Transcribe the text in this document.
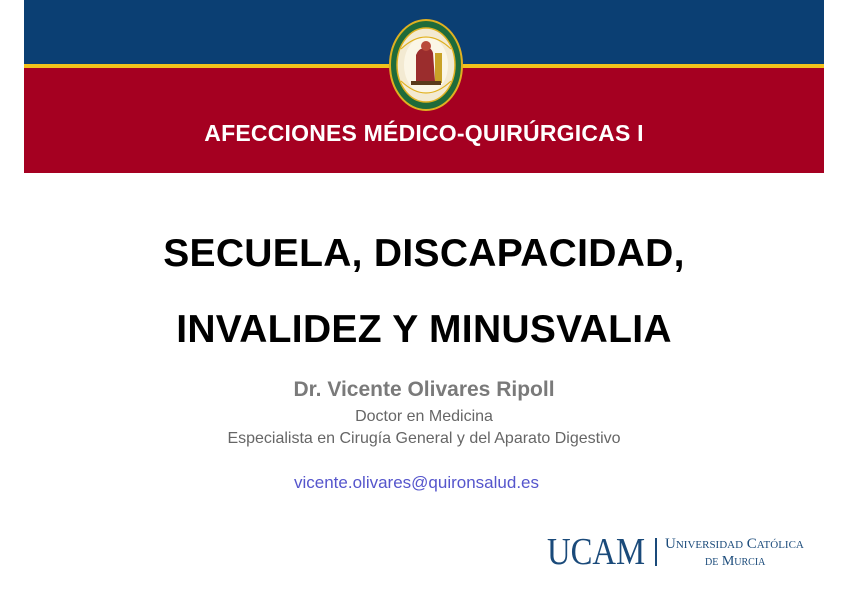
AFECCIONES MÉDICO-QUIRÚRGICAS I
SECUELA, DISCAPACIDAD,
INVALIDEZ Y MINUSVALIA
Dr. Vicente Olivares Ripoll
Doctor en Medicina
Especialista en Cirugía General y del Aparato Digestivo
vicente.olivares@quironsalud.es
UCAM Universidad Católica
de Murcia
